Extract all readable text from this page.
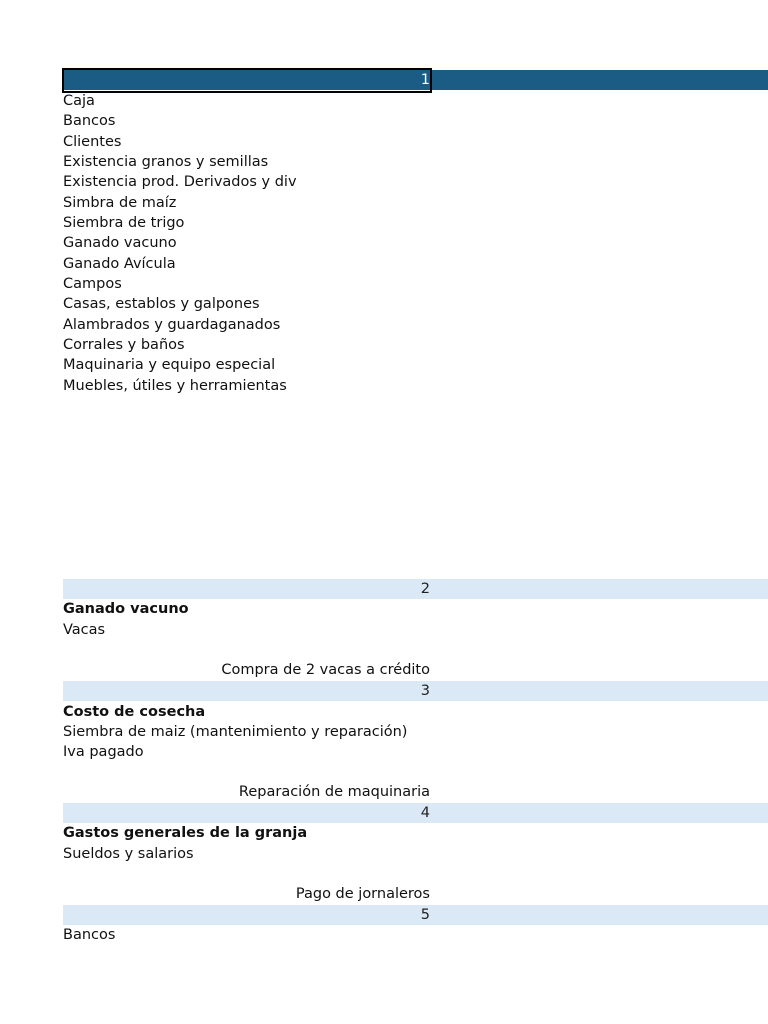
1
Caja
Bancos
Clientes
Existencia granos y semillas
Existencia prod. Derivados y div
Simbra de maíz
Siembra de trigo
Ganado vacuno
Ganado Avícula
Campos
Casas, establos y galpones
Alambrados y guardaganados
Corrales y baños
Maquinaria y equipo especial
Muebles, útiles y herramientas
2
Ganado vacuno
Vacas
Compra de 2 vacas a crédito
3
Costo de cosecha
Siembra de maiz (mantenimiento y reparación)
Iva pagado
Reparación de maquinaria
4
Gastos generales de la granja
Sueldos y salarios
Pago de jornaleros
5
Bancos
